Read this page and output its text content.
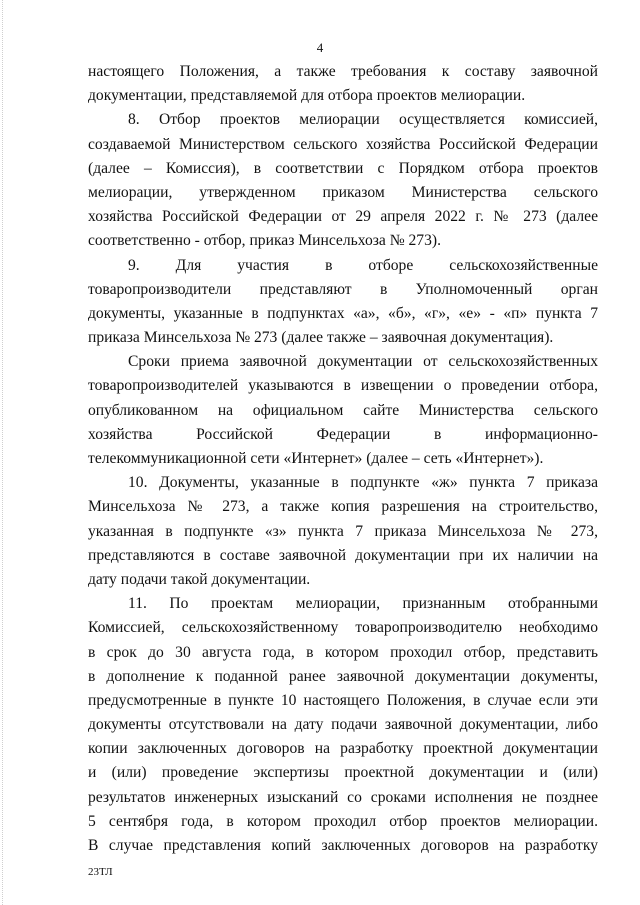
4
настоящего Положения, а также требования к составу заявочной
документации, представляемой для отбора проектов мелиорации.
8. Отбор проектов мелиорации осуществляется комиссией,
создаваемой Министерством сельского хозяйства Российской Федерации
(далее – Комиссия), в соответствии с Порядком отбора проектов
мелиорации, утвержденном приказом Министерства сельского
хозяйства Российской Федерации от 29 апреля 2022 г. № 273 (далее
соответственно - отбор, приказ Минсельхоза № 273).
9. Для участия в отборе сельскохозяйственные
товаропроизводители представляют в Уполномоченный орган
документы, указанные в подпунктах «а», «б», «г», «е» - «п» пункта 7
приказа Минсельхоза № 273 (далее также – заявочная документация).
Сроки приема заявочной документации от сельскохозяйственных
товаропроизводителей указываются в извещении о проведении отбора,
опубликованном на официальном сайте Министерства сельского
хозяйства Российской Федерации в информационно-
телекоммуникационной сети «Интернет» (далее – сеть «Интернет»).
10. Документы, указанные в подпункте «ж» пункта 7 приказа
Минсельхоза № 273, а также копия разрешения на строительство,
указанная в подпункте «з» пункта 7 приказа Минсельхоза № 273,
представляются в составе заявочной документации при их наличии на
дату подачи такой документации.
11. По проектам мелиорации, признанным отобранными
Комиссией, сельскохозяйственному товаропроизводителю необходимо
в срок до 30 августа года, в котором проходил отбор, представить
в дополнение к поданной ранее заявочной документации документы,
предусмотренные в пункте 10 настоящего Положения, в случае если эти
документы отсутствовали на дату подачи заявочной документации, либо
копии заключенных договоров на разработку проектной документации
и (или) проведение экспертизы проектной документации и (или)
результатов инженерных изысканий со сроками исполнения не позднее
5 сентября года, в котором проходил отбор проектов мелиорации.
В случае представления копий заключенных договоров на разработку
23ТЛ
